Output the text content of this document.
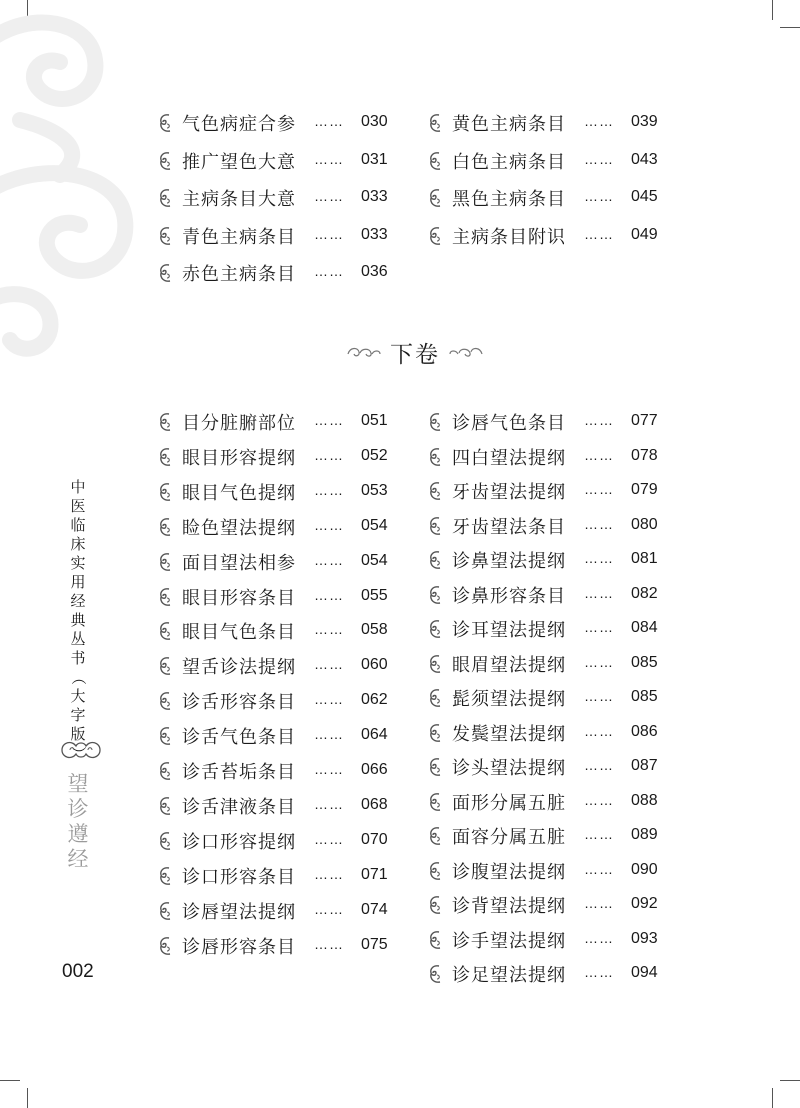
气色病症合参 …… 030
推广望色大意 …… 031
主病条目大意 …… 033
青色主病条目 …… 033
赤色主病条目 …… 036
黄色主病条目 …… 039
白色主病条目 …… 043
黑色主病条目 …… 045
主病条目附识 …… 049
下卷
目分脏腑部位 …… 051
眼目形容提纲 …… 052
眼目气色提纲 …… 053
睑色望法提纲 …… 054
面目望法相参 …… 054
眼目形容条目 …… 055
眼目气色条目 …… 058
望舌诊法提纲 …… 060
诊舌形容条目 …… 062
诊舌气色条目 …… 064
诊舌苔垢条目 …… 066
诊舌津液条目 …… 068
诊口形容提纲 …… 070
诊口形容条目 …… 071
诊唇望法提纲 …… 074
诊唇形容条目 …… 075
诊唇气色条目 …… 077
四白望法提纲 …… 078
牙齿望法提纲 …… 079
牙齿望法条目 …… 080
诊鼻望法提纲 …… 081
诊鼻形容条目 …… 082
诊耳望法提纲 …… 084
眼眉望法提纲 …… 085
髭须望法提纲 …… 085
发鬓望法提纲 …… 086
诊头望法提纲 …… 087
面形分属五脏 …… 088
面容分属五脏 …… 089
诊腹望法提纲 …… 090
诊背望法提纲 …… 092
诊手望法提纲 …… 093
诊足望法提纲 …… 094
中
医
临
床
实
用
经
典
丛
书
（
大
字
版
）
望
诊
遵
经
002
